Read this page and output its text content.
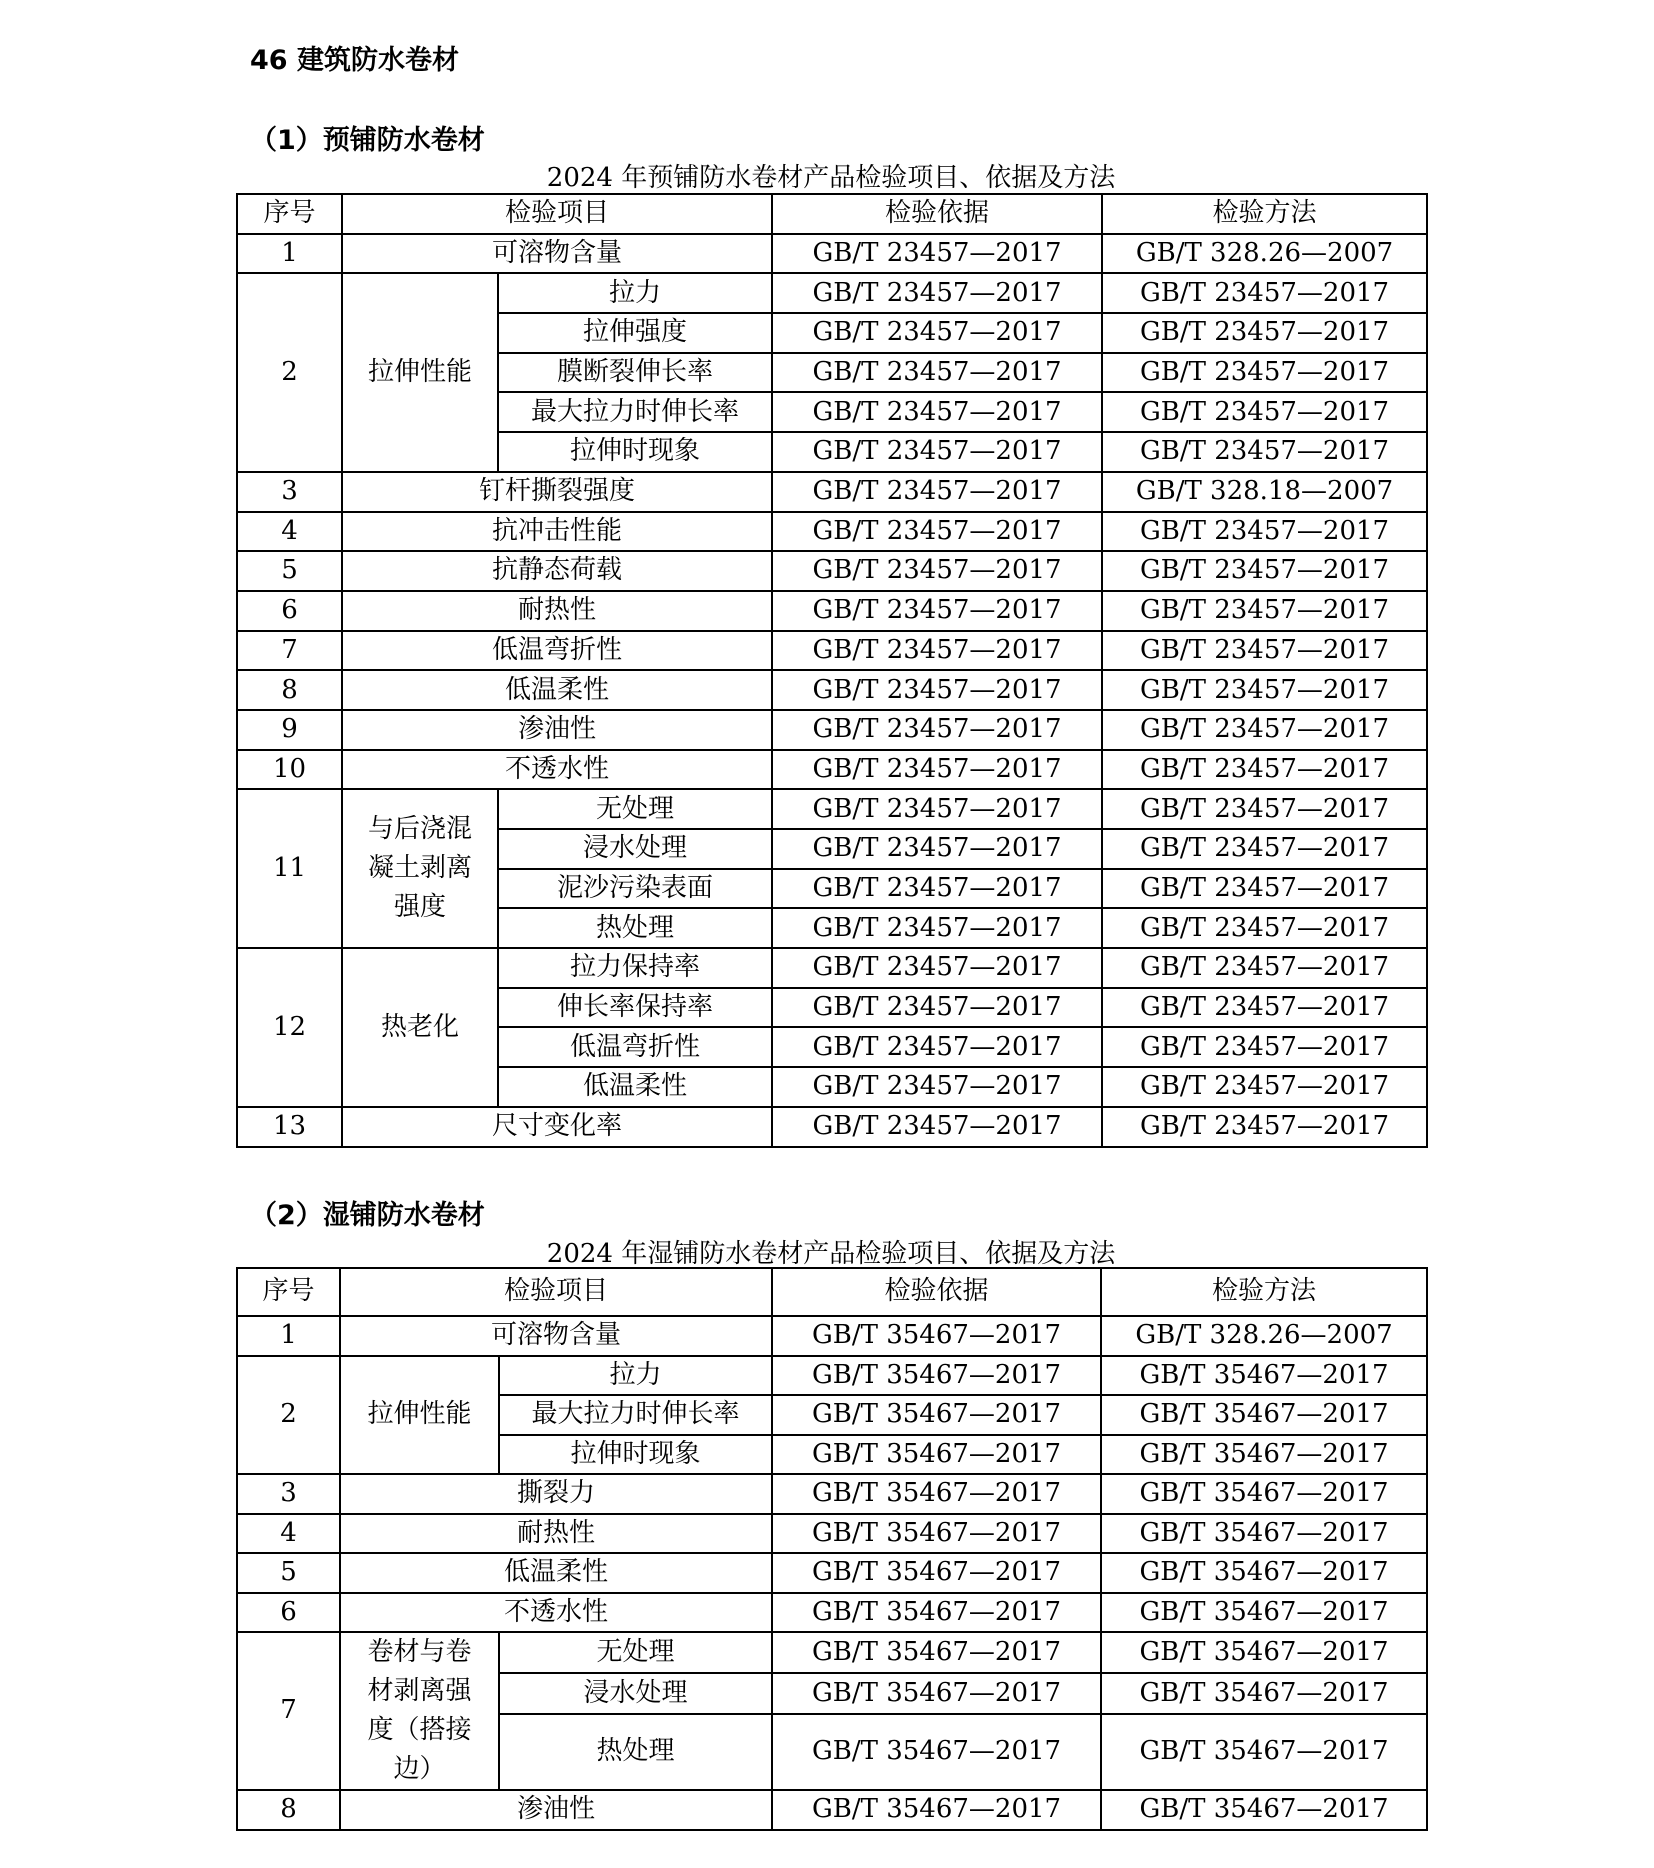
46 建筑防水卷材
（1）预铺防水卷材
2024 年预铺防水卷材产品检验项目、依据及方法
序号	检验项目		检验依据	检验方法
1	可溶物含量		GB/T 23457—2017	GB/T 328.26—2007
2	拉伸性能	拉力	GB/T 23457—2017	GB/T 23457—2017
		拉伸强度	GB/T 23457—2017	GB/T 23457—2017
		膜断裂伸长率	GB/T 23457—2017	GB/T 23457—2017
		最大拉力时伸长率	GB/T 23457—2017	GB/T 23457—2017
		拉伸时现象	GB/T 23457—2017	GB/T 23457—2017
3	钉杆撕裂强度		GB/T 23457—2017	GB/T 328.18—2007
4	抗冲击性能		GB/T 23457—2017	GB/T 23457—2017
5	抗静态荷载		GB/T 23457—2017	GB/T 23457—2017
6	耐热性		GB/T 23457—2017	GB/T 23457—2017
7	低温弯折性		GB/T 23457—2017	GB/T 23457—2017
8	低温柔性		GB/T 23457—2017	GB/T 23457—2017
9	渗油性		GB/T 23457—2017	GB/T 23457—2017
10	不透水性		GB/T 23457—2017	GB/T 23457—2017
11	与后浇混凝土剥离强度	无处理	GB/T 23457—2017	GB/T 23457—2017
		浸水处理	GB/T 23457—2017	GB/T 23457—2017
		泥沙污染表面	GB/T 23457—2017	GB/T 23457—2017
		热处理	GB/T 23457—2017	GB/T 23457—2017
12	热老化	拉力保持率	GB/T 23457—2017	GB/T 23457—2017
		伸长率保持率	GB/T 23457—2017	GB/T 23457—2017
		低温弯折性	GB/T 23457—2017	GB/T 23457—2017
		低温柔性	GB/T 23457—2017	GB/T 23457—2017
13	尺寸变化率		GB/T 23457—2017	GB/T 23457—2017
（2）湿铺防水卷材
2024 年湿铺防水卷材产品检验项目、依据及方法
序号	检验项目		检验依据	检验方法
1	可溶物含量		GB/T 35467—2017	GB/T 328.26—2007
2	拉伸性能	拉力	GB/T 35467—2017	GB/T 35467—2017
		最大拉力时伸长率	GB/T 35467—2017	GB/T 35467—2017
		拉伸时现象	GB/T 35467—2017	GB/T 35467—2017
3	撕裂力		GB/T 35467—2017	GB/T 35467—2017
4	耐热性		GB/T 35467—2017	GB/T 35467—2017
5	低温柔性		GB/T 35467—2017	GB/T 35467—2017
6	不透水性		GB/T 35467—2017	GB/T 35467—2017
7	卷材与卷材剥离强度（搭接边）	无处理	GB/T 35467—2017	GB/T 35467—2017
		浸水处理	GB/T 35467—2017	GB/T 35467—2017
		热处理	GB/T 35467—2017	GB/T 35467—2017
8	渗油性		GB/T 35467—2017	GB/T 35467—2017
